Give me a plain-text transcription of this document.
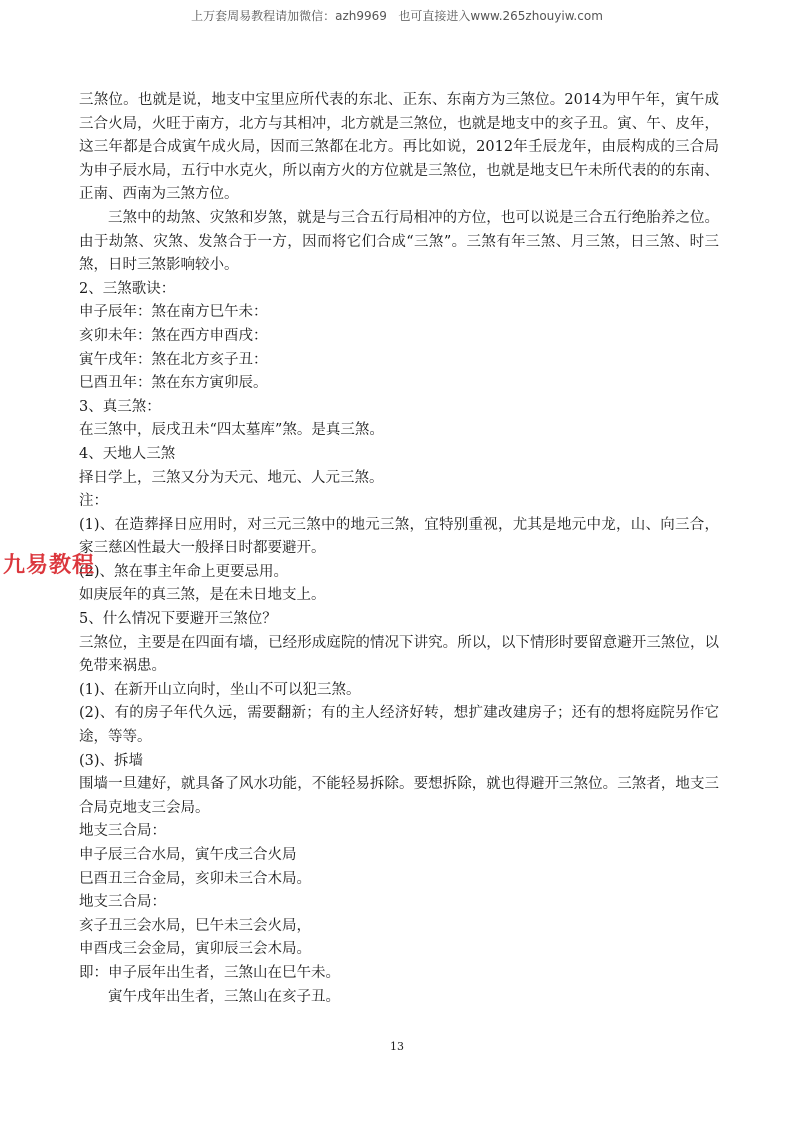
上万套周易教程请加微信：azh9969 也可直接进入www.265zhouyiw.com

三煞位。也就是说，地支中宝里应所代表的东北、正东、东南方为三煞位。2014为甲午年，寅午成三合火局，火旺于南方，北方与其相冲，北方就是三煞位，也就是地支中的亥子丑。寅、午、皮年，这三年都是合成寅午成火局，因而三煞都在北方。再比如说，2012年壬辰龙年，由辰构成的三合局为申子辰水局，五行中水克火，所以南方火的方位就是三煞位，也就是地支巳午未所代表的的东南、正南、西南为三煞方位。

三煞中的劫煞、灾煞和岁煞，就是与三合五行局相冲的方位，也可以说是三合五行绝胎养之位。由于劫煞、灾煞、发煞合于一方，因而将它们合成“三煞”。三煞有年三煞、月三煞，日三煞、时三煞，日时三煞影响较小。

2、三煞歌诀：

申子辰年：煞在南方巳午未：

亥卯未年：煞在西方申酉戌：

寅午戌年：煞在北方亥子丑：

巳酉丑年：煞在东方寅卯辰。

3、真三煞：

在三煞中，辰戌丑未“四太墓库”煞。是真三煞。

4、天地人三煞

择日学上，三煞又分为天元、地元、人元三煞。

注：

(1)、在造葬择日应用时，对三元三煞中的地元三煞，宜特别重视，尤其是地元中龙，山、向三合，家三慈凶性最大一般择日时都要避开。

(2)、煞在事主年命上更要忌用。

如庚辰年的真三煞，是在未日地支上。

5、什么情况下要避开三煞位？

三煞位，主要是在四面有墙，已经形成庭院的情况下讲究。所以，以下情形时要留意避开三煞位，以免带来祸患。

(1)、在新开山立向时，坐山不可以犯三煞。

(2)、有的房子年代久远，需要翻新；有的主人经济好转，想扩建改建房子；还有的想将庭院另作它途，等等。

(3)、拆墙

围墙一旦建好，就具备了风水功能，不能轻易拆除。要想拆除，就也得避开三煞位。三煞者，地支三合局克地支三会局。

地支三合局：

申子辰三合水局，寅午戌三合火局

巳酉丑三合金局，亥卯未三合木局。

地支三合局：

亥子丑三会水局，巳午未三会火局，

申酉戌三会金局，寅卯辰三会木局。

即：申子辰年出生者，三煞山在巳午未。

寅午戌年出生者，三煞山在亥子丑。

九易教程
13
